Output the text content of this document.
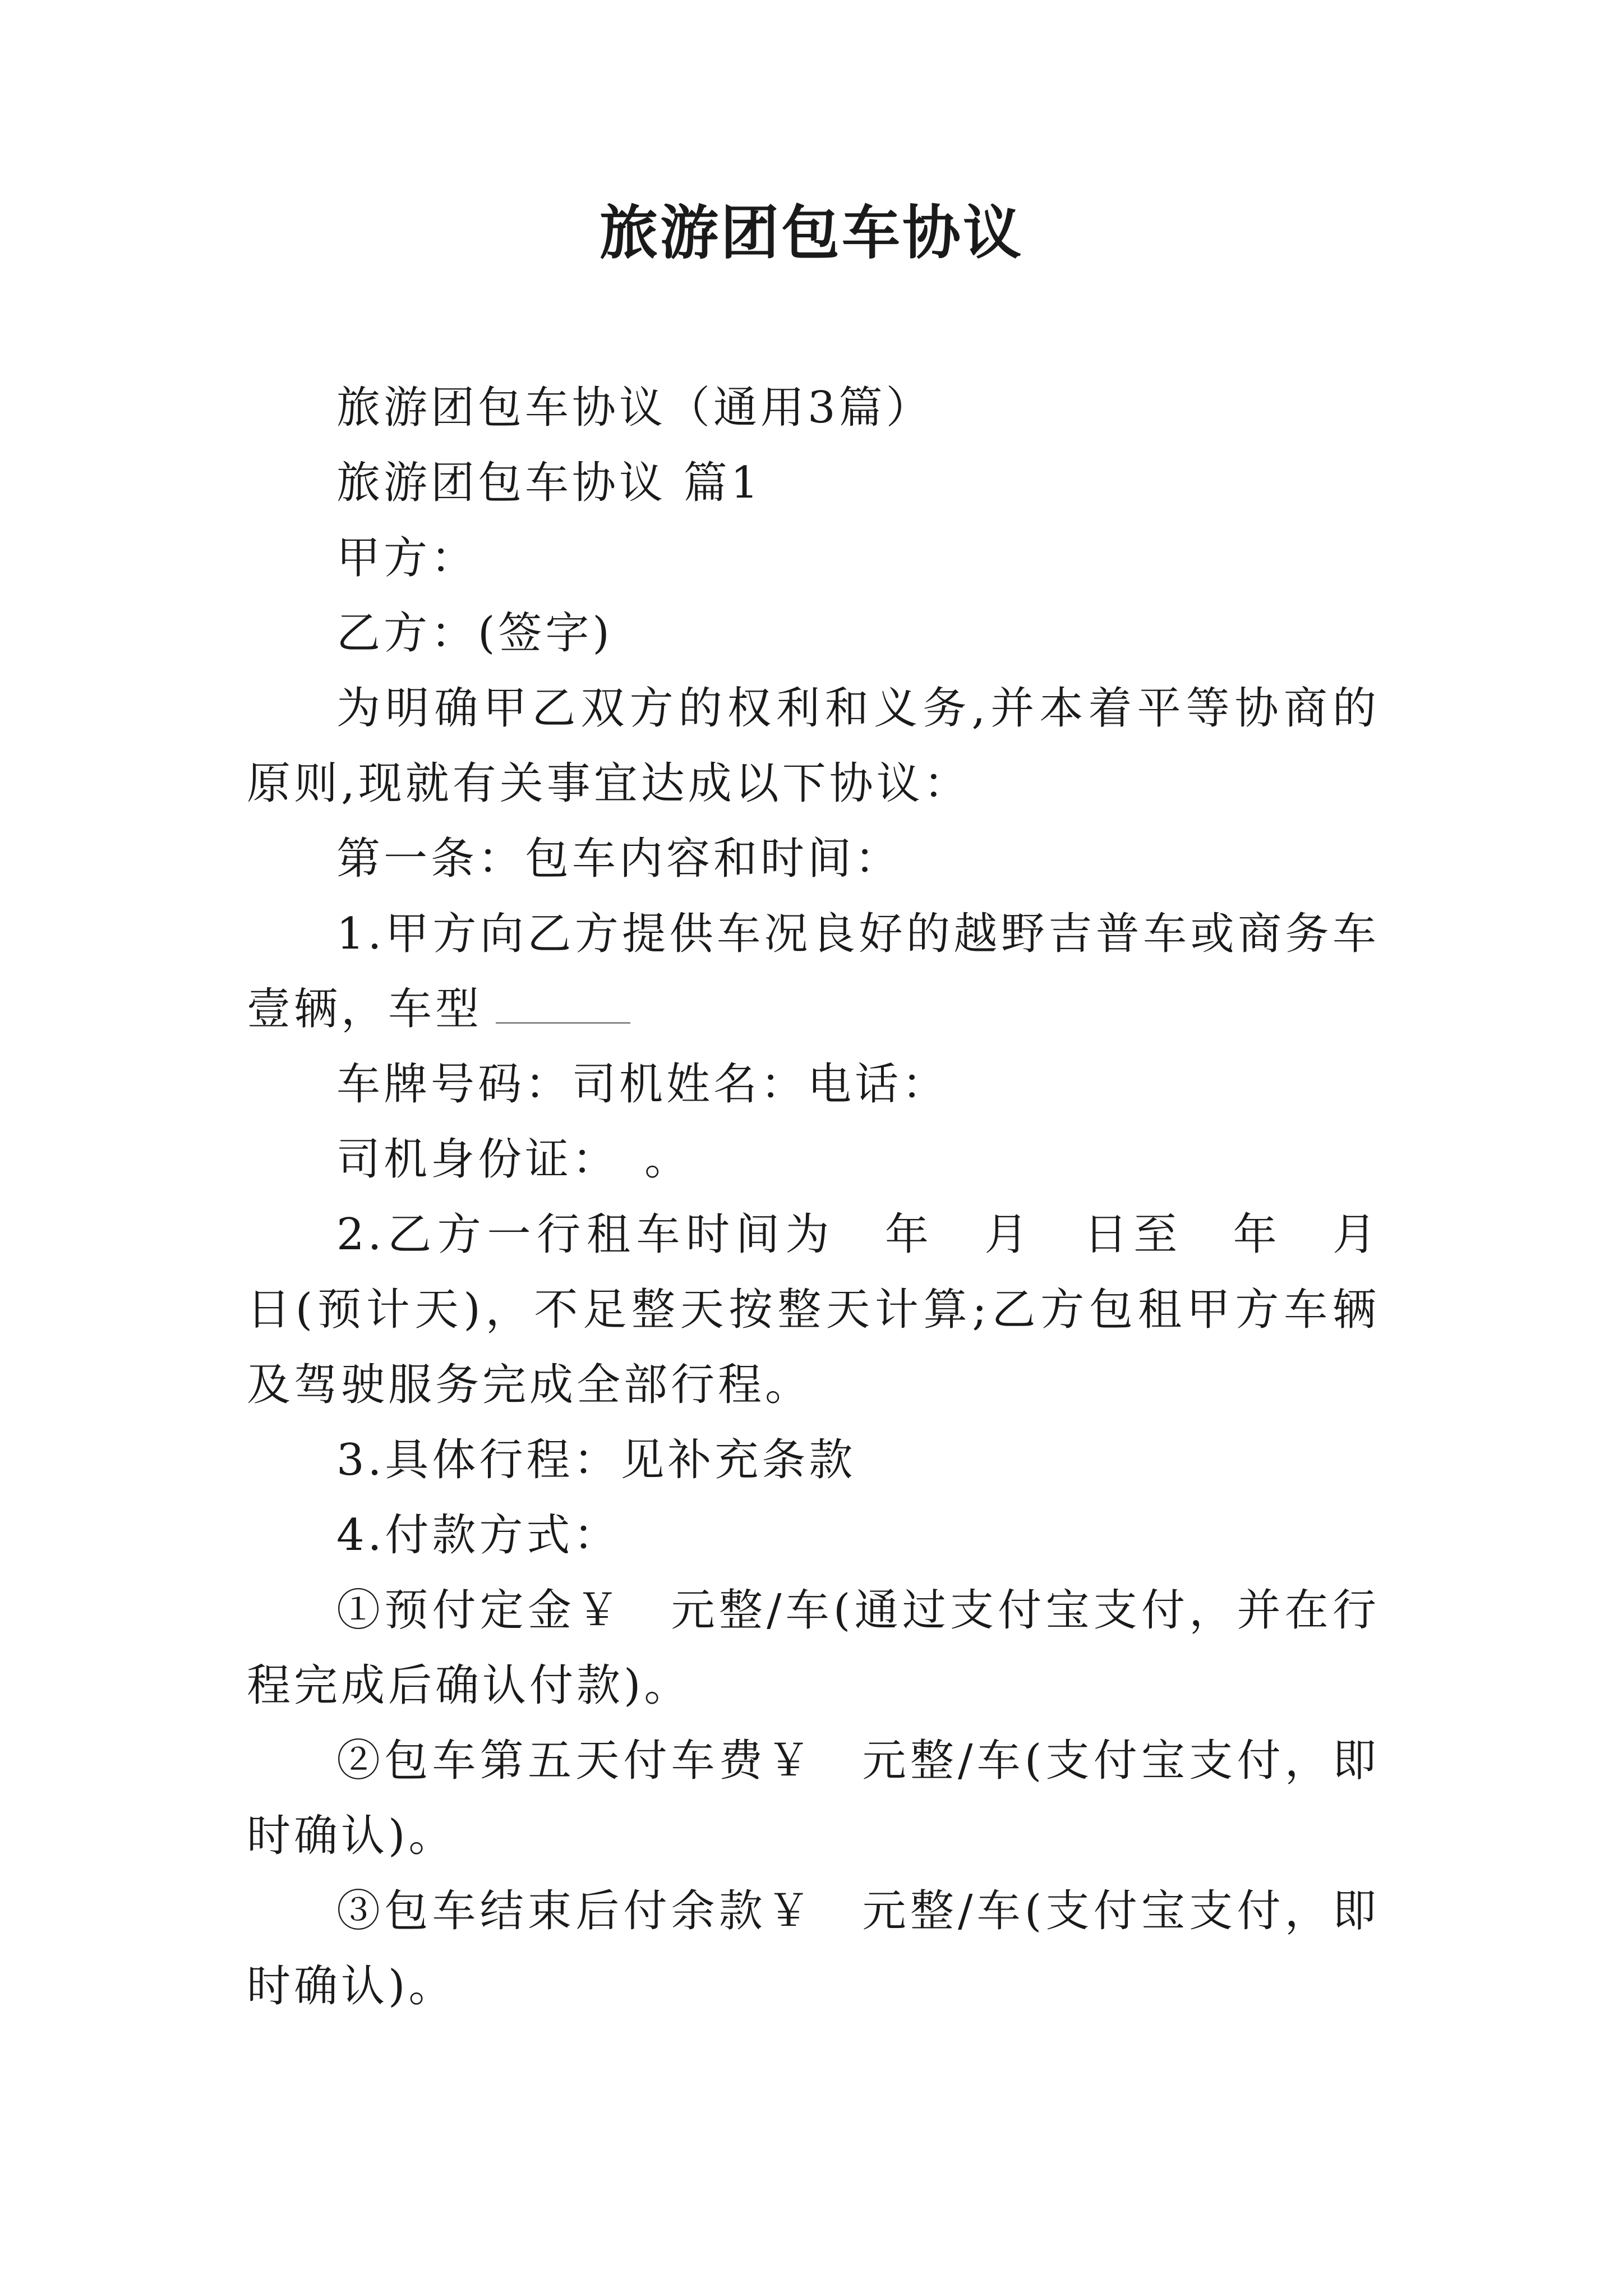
旅游团包车协议

旅游团包车协议（通用3篇）

旅游团包车协议 篇1

甲方：

乙方：(签字)

为明确甲乙双方的权利和义务,并本着平等协商的原则,现就有关事宜达成以下协议：

第一条：包车内容和时间：

1.甲方向乙方提供车况良好的越野吉普车或商务车壹辆，车型

车牌号码：司机姓名：电话：

司机身份证：　。

2.乙方一行租车时间为　年　月　日至　年　月　日(预计天)，不足整天按整天计算;乙方包租甲方车辆及驾驶服务完成全部行程。

3.具体行程：见补充条款

4.付款方式：

①预付定金￥　元整/车(通过支付宝支付，并在行程完成后确认付款)。

②包车第五天付车费￥　元整/车(支付宝支付，即时确认)。

③包车结束后付余款￥　元整/车(支付宝支付，即时确认)。
